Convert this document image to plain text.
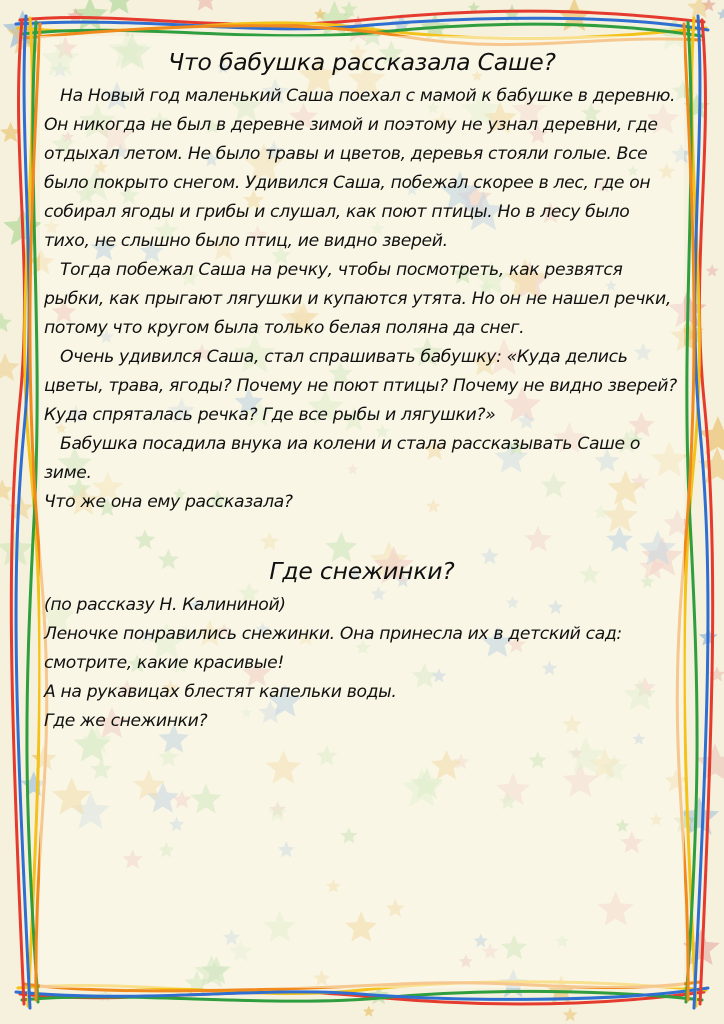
Что бабушка рассказала Саше?

На Новый год маленький Саша поехал с мамой к бабушке в деревню. Он никогда не был в деревне зимой и поэтому не узнал деревни, где отдыхал летом. Не было травы и цветов, деревья стояли голые. Все было покрыто снегом. Удивился Саша, побежал скорее в лес, где он собирал ягоды и грибы и слушал, как поют птицы. Но в лесу было тихо, не слышно было птиц, ие видно зверей.

Тогда побежал Саша на речку, чтобы посмотреть, как резвятся рыбки, как прыгают лягушки и купаются утята. Но он не нашел речки, потому что кругом была только белая поляна да снег.

Очень удивился Саша, стал спрашивать бабушку: «Куда делись цветы, трава, ягоды? Почему не поют птицы? Почему не видно зверей? Куда спряталась речка? Где все рыбы и лягушки?»

Бабушка посадила внука иа колени и стала рассказывать Саше о зиме.

Что же она ему рассказала?

Где снежинки?

(по рассказу Н. Калининой)

Леночке понравились снежинки. Она принесла их в детский сад: смотрите, какие красивые!

А на рукавицах блестят капельки воды.

Где же снежинки?
